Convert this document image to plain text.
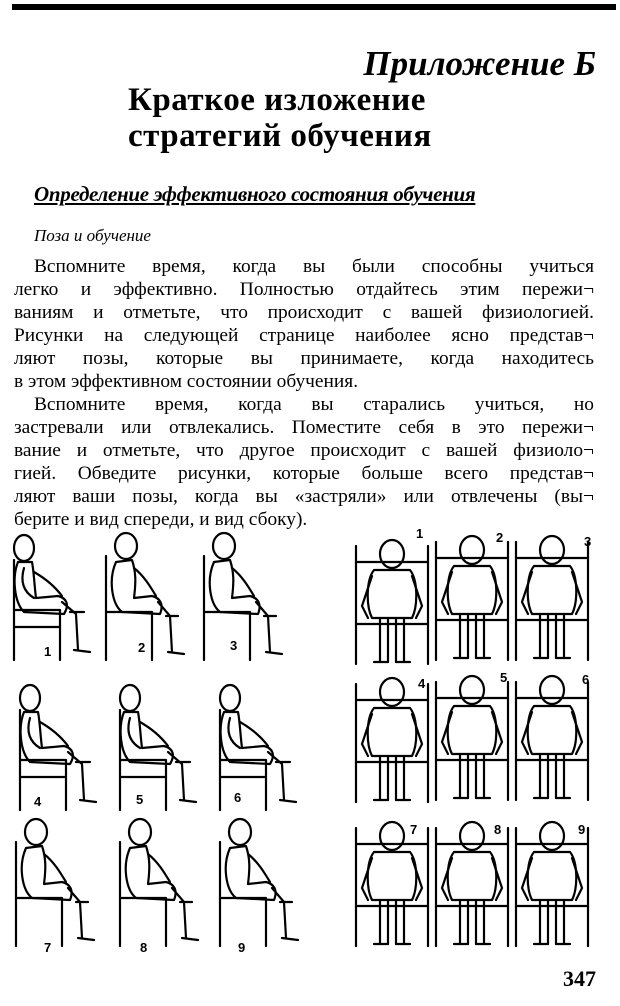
Приложение Б
Краткое изложение
стратегий обучения
Определение эффективного состояния обучения
Поза и обучение

Вспомните время, когда вы были способны учиться
легко и эффективно. Полностью отдайтесь этим пережи¬
ваниям и отметьте, что происходит с вашей физиологией.
Рисунки на следующей странице наиболее ясно представ¬
ляют позы, которые вы принимаете, когда находитесь
в этом эффективном состоянии обучения.

Вспомните время, когда вы старались учиться, но
застревали или отвлекались. Поместите себя в это пережи¬
вание и отметьте, что другое происходит с вашей физиоло¬
гией. Обведите рисунки, которые больше всего представ¬
ляют ваши позы, когда вы «застряли» или отвлечены (вы¬
берите и вид спереди, и вид сбоку).

1	2	3
4	5	6
7	8	9
1	2	3
4	5	6
7	8	9
347
